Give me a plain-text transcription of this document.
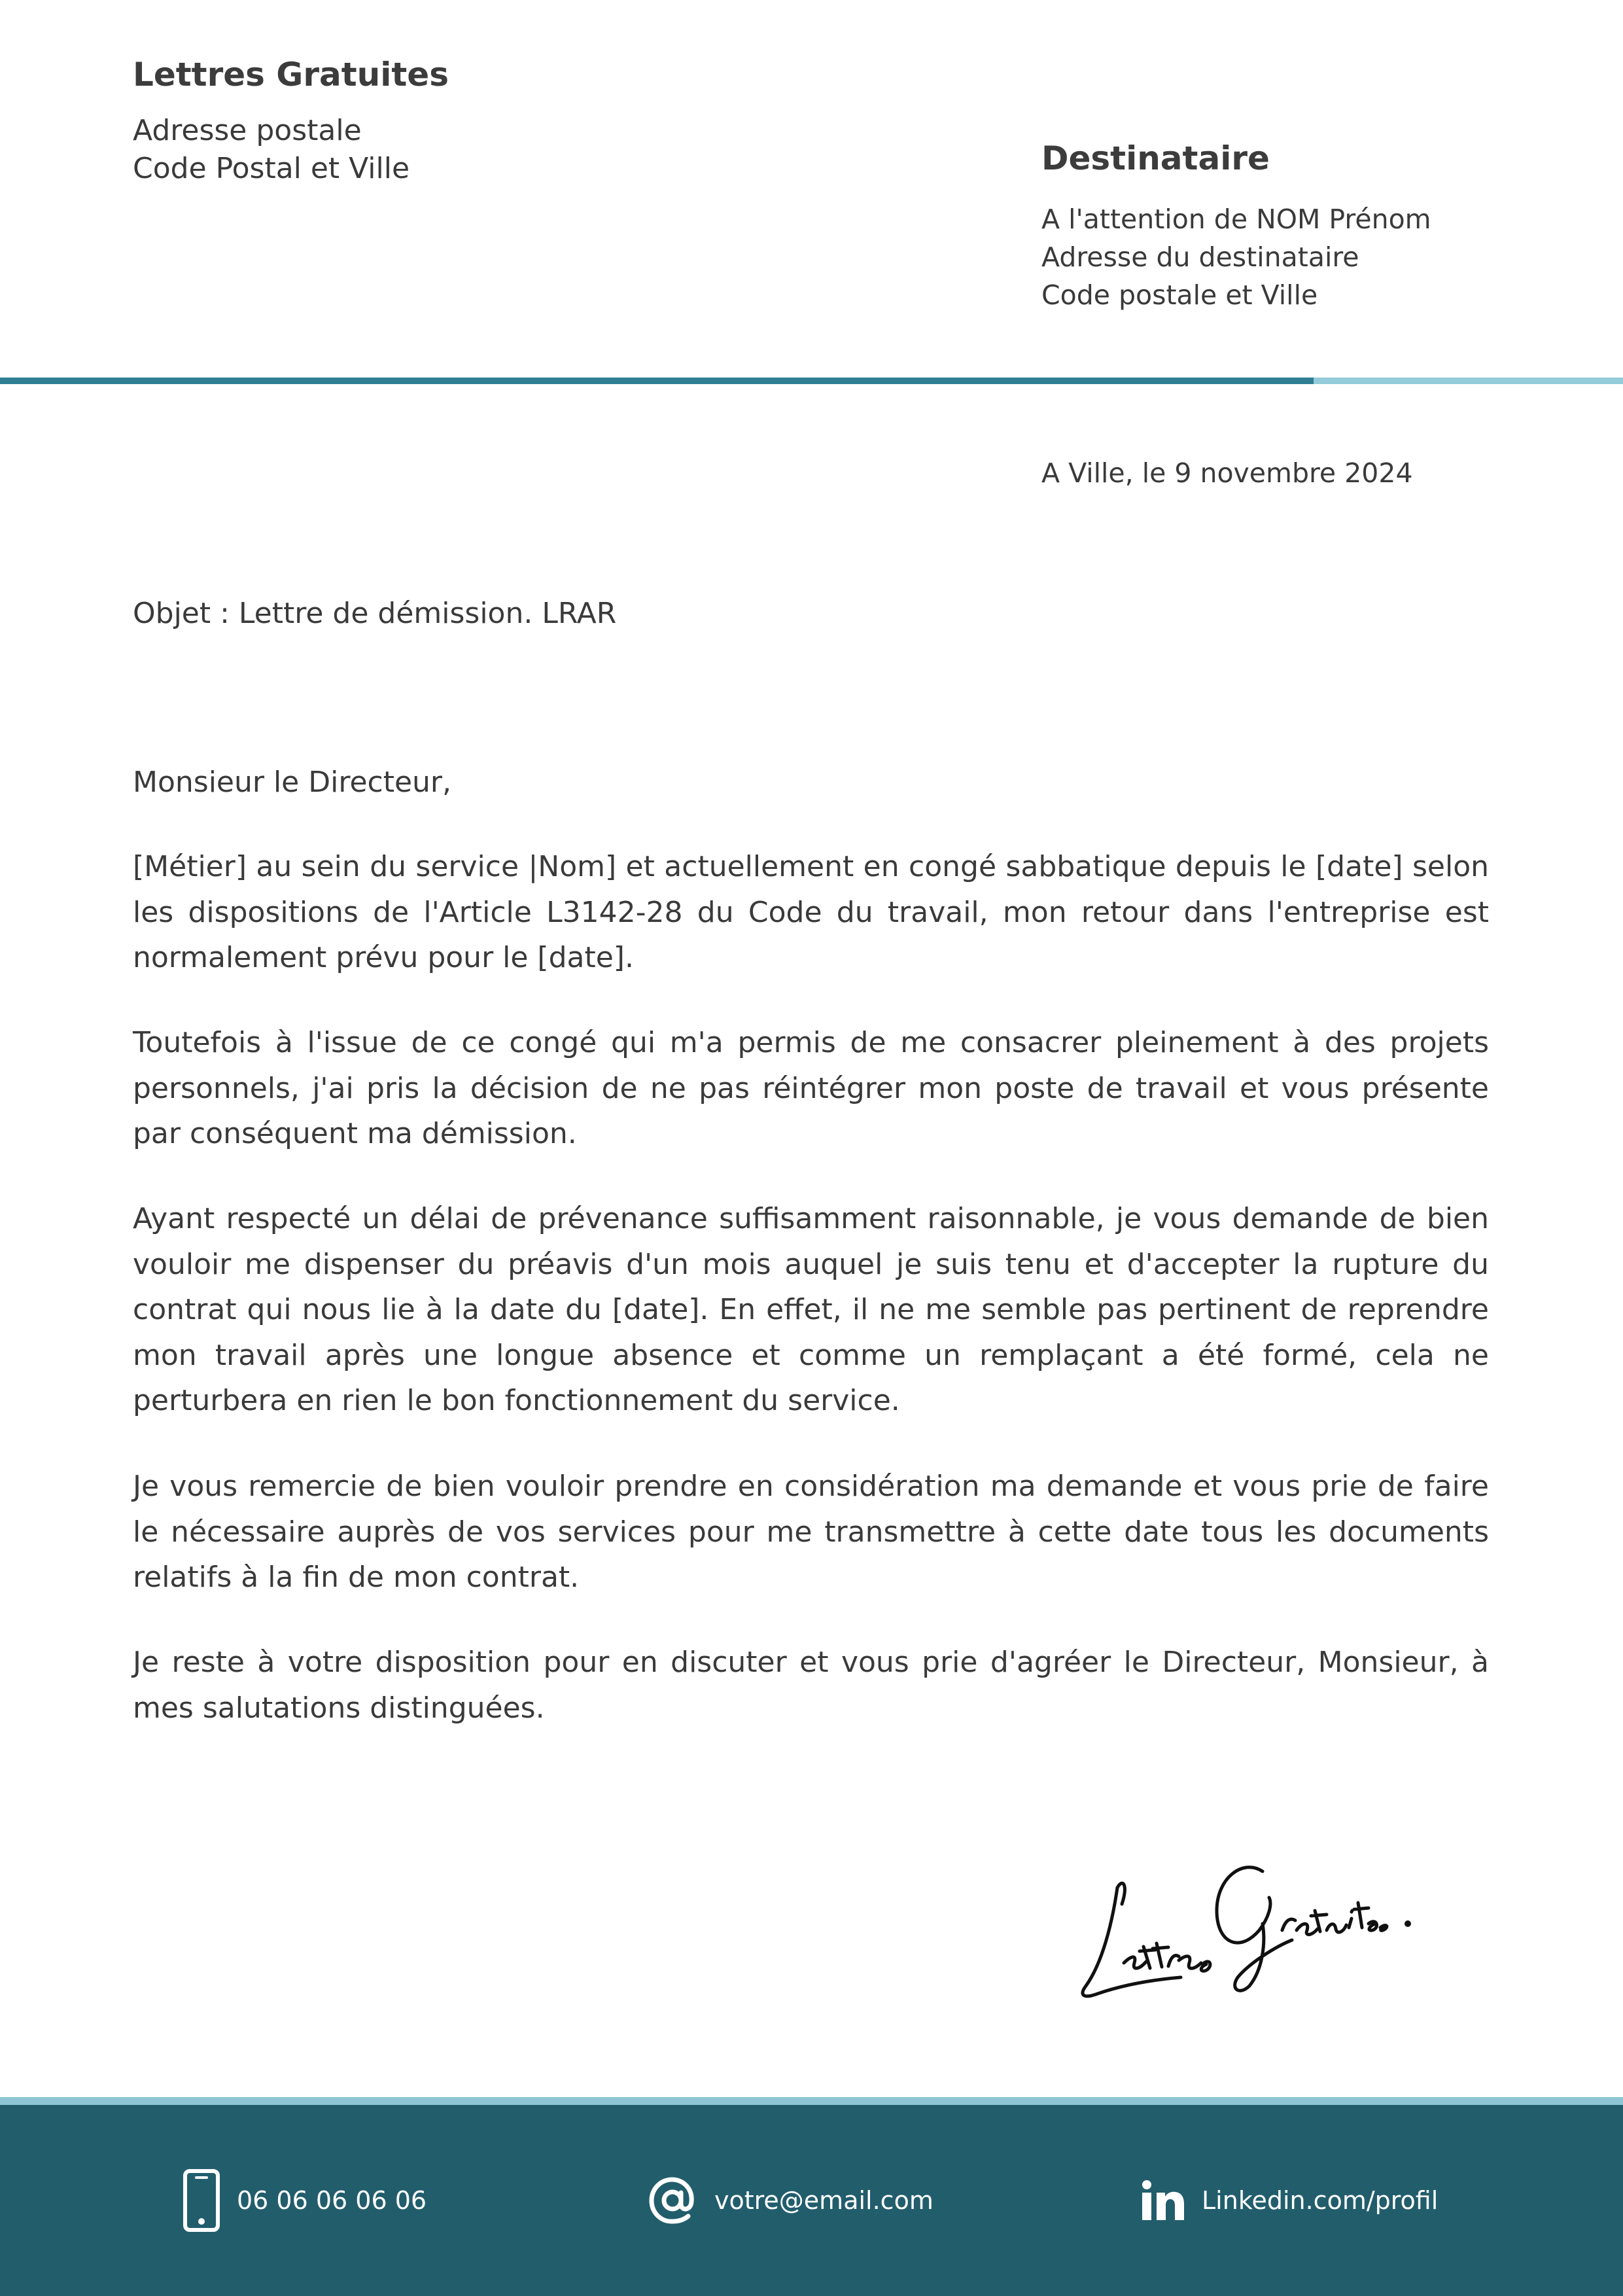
Lettres Gratuites
Adresse postale
Code Postal et Ville	Destinataire
A l'attention de NOM Prénom
Adresse du destinataire
Code postale et Ville
A Ville, le 9 novembre 2024
Objet : Lettre de démission. LRAR
Monsieur le Directeur,

[Métier] au sein du service |Nom] et actuellement en congé sabbatique depuis le [date] selon les dispositions de l'Article L3142-28 du Code du travail, mon retour dans l'entreprise est normalement prévu pour le [date].

Toutefois à l'issue de ce congé qui m'a permis de me consacrer pleinement à des projets personnels, j'ai pris la décision de ne pas réintégrer mon poste de travail et vous présente par conséquent ma démission.

Ayant respecté un délai de prévenance suffisamment raisonnable, je vous demande de bien vouloir me dispenser du préavis d'un mois auquel je suis tenu et d'accepter la rupture du contrat qui nous lie à la date du [date]. En effet, il ne me semble pas pertinent de reprendre mon travail après une longue absence et comme un remplaçant a été formé, cela ne perturbera en rien le bon fonctionnement du service.

Je vous remercie de bien vouloir prendre en considération ma demande et vous prie de faire le nécessaire auprès de vos services pour me transmettre à cette date tous les documents relatifs à la fin de mon contrat.

Je reste à votre disposition pour en discuter et vous prie d'agréer le Directeur, Monsieur, à mes salutations distinguées.

06 06 06 06 06	votre@email.com	Linkedin.com/profil
